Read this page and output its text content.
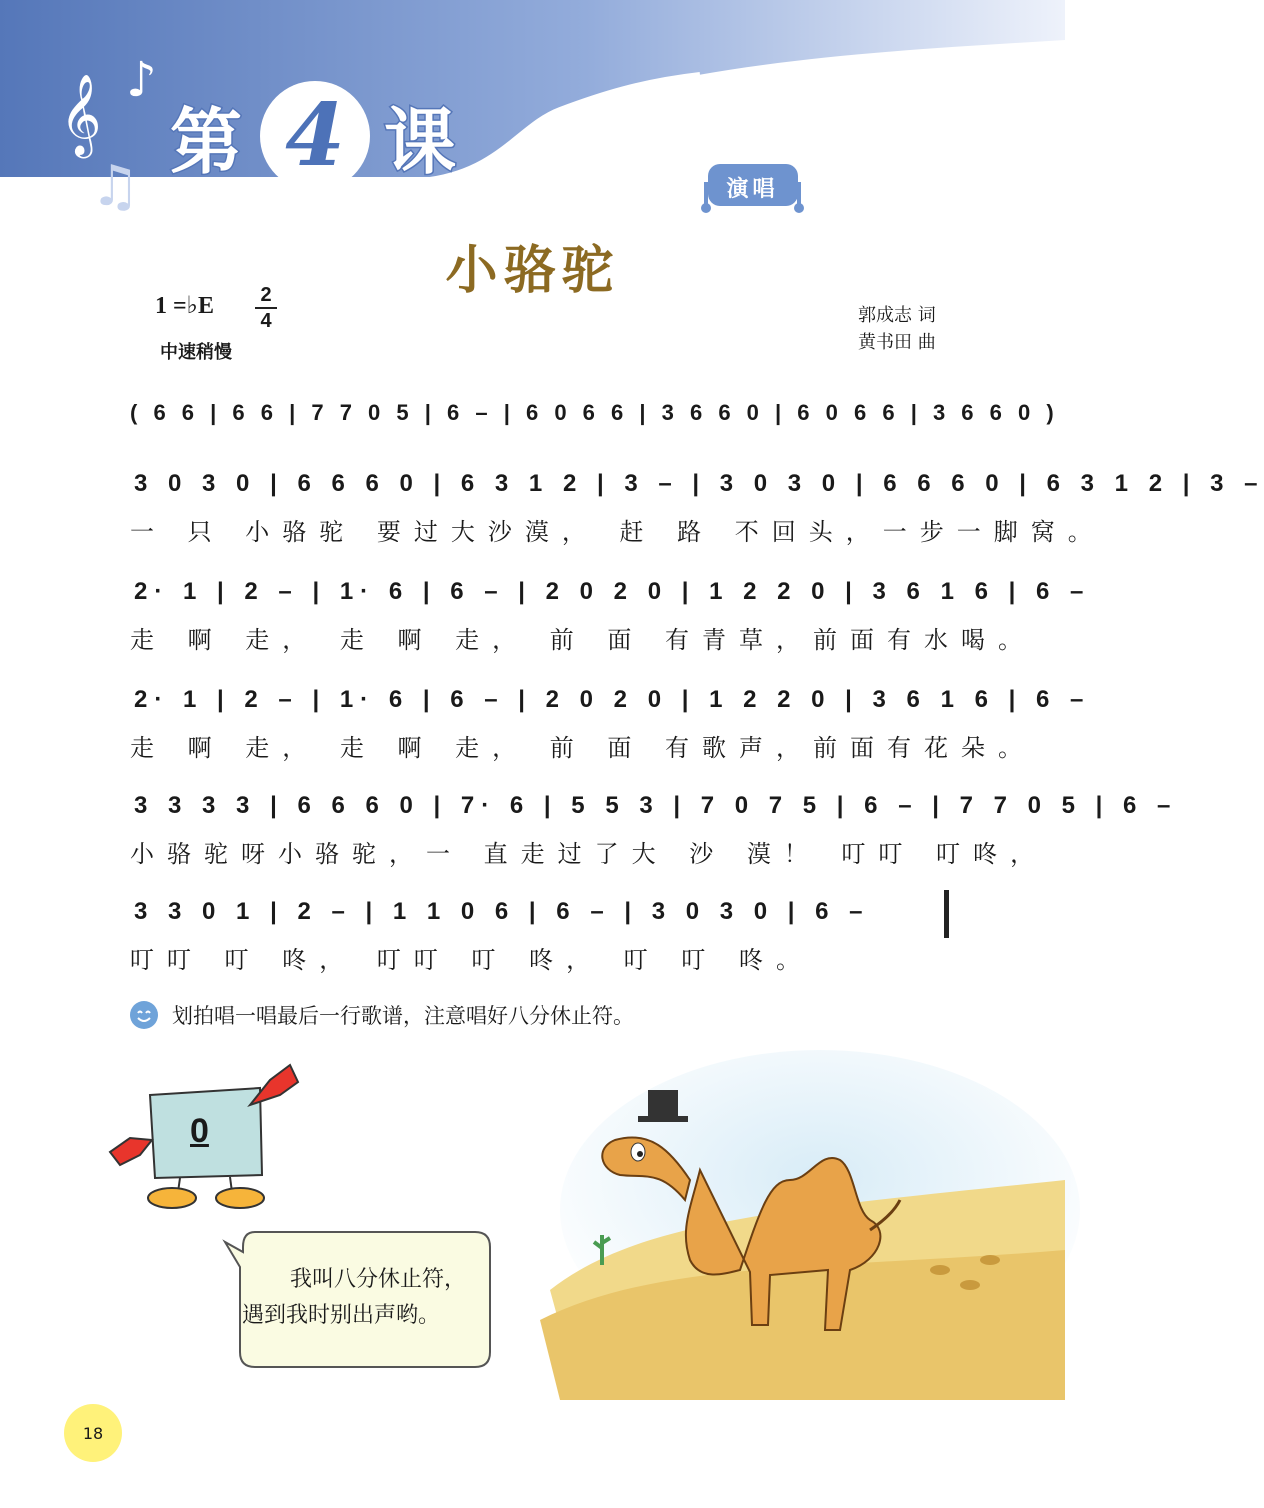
𝄞 ♪
♫
第 4 课
演唱
小骆驼
1 =♭E 2
4
中速稍慢
郭成志 词
黄书田 曲
( 6 6 | 6 6 | 7 7 0 5 | 6 – | 6 0 6 6 | 3 6 6 0 | 6 0 6 6 | 3 6 6 0 )
3 0 3 0 | 6 6 6 0 | 6 3 1 2 | 3 – | 3 0 3 0 | 6 6 6 0 | 6 3 1 2 | 3 –
一 只 小骆驼 要过大沙漠， 赶 路 不回头，一步一脚窝。
2· 1 | 2 – | 1· 6 | 6 – | 2 0 2 0 | 1 2 2 0 | 3 6 1 6 | 6 –
走 啊 走， 走 啊 走， 前 面 有青草，前面有水喝。
2· 1 | 2 – | 1· 6 | 6 – | 2 0 2 0 | 1 2 2 0 | 3 6 1 6 | 6 –
走 啊 走， 走 啊 走， 前 面 有歌声，前面有花朵。
3 3 3 3 | 6 6 6 0 | 7· 6 | 5 5 3 | 7 0 7 5 | 6 – | 7 7 0 5 | 6 –
小骆驼呀小骆驼，一 直走过了大 沙 漠！ 叮叮 叮咚，
3 3 0 1 | 2 – | 1 1 0 6 | 6 – | 3 0 3 0 | 6 –
叮叮 叮 咚， 叮叮 叮 咚， 叮 叮 咚。
划拍唱一唱最后一行歌谱，注意唱好八分休止符。
0
我叫八分休止符，
遇到我时别出声哟。
18
